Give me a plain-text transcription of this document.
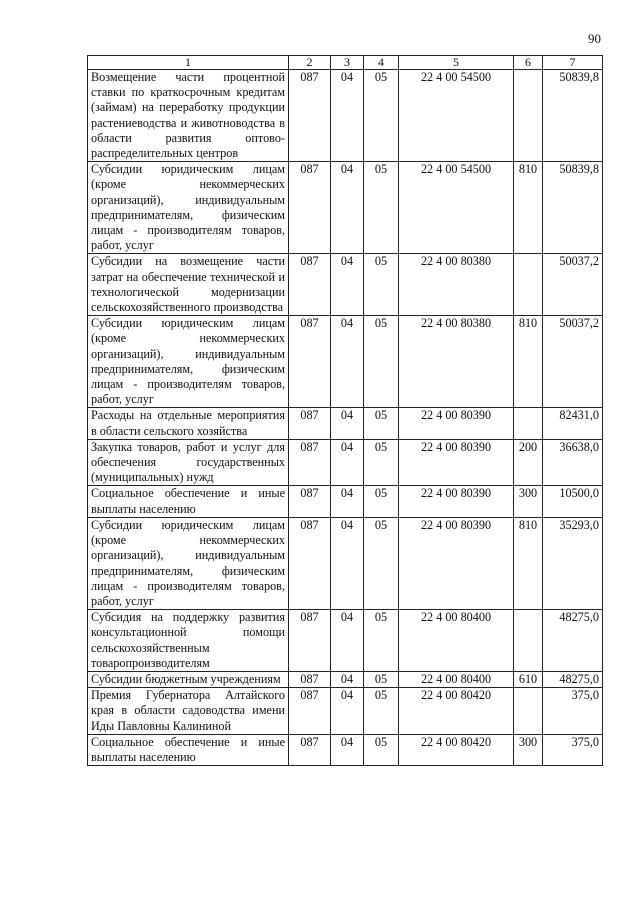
90
1	2	3	4	5	6	7
Возмещение части процентной ставки по краткосрочным кредитам (займам) на переработку продукции растениеводства и животноводства в области развития оптово-распределительных центров	087	04	05	22 4 00 54500		50839,8
Субсидии юридическим лицам (кроме некоммерческих организаций), индивидуальным предпринимателям, физическим лицам - производителям товаров, работ, услуг	087	04	05	22 4 00 54500	810	50839,8
Субсидии на возмещение части затрат на обеспечение технической и технологической модернизации сельскохозяйственного производства	087	04	05	22 4 00 80380		50037,2
Субсидии юридическим лицам (кроме некоммерческих организаций), индивидуальным предпринимателям, физическим лицам - производителям товаров, работ, услуг	087	04	05	22 4 00 80380	810	50037,2
Расходы на отдельные мероприятия в области сельского хозяйства	087	04	05	22 4 00 80390		82431,0
Закупка товаров, работ и услуг для обеспечения государственных (муниципальных) нужд	087	04	05	22 4 00 80390	200	36638,0
Социальное обеспечение и иные выплаты населению	087	04	05	22 4 00 80390	300	10500,0
Субсидии юридическим лицам (кроме некоммерческих организаций), индивидуальным предпринимателям, физическим лицам - производителям товаров, работ, услуг	087	04	05	22 4 00 80390	810	35293,0
Субсидия на поддержку развития консультационной помощи сельскохозяйственным товаропроизводителям	087	04	05	22 4 00 80400		48275,0
Субсидии бюджетным учреждениям	087	04	05	22 4 00 80400	610	48275,0
Премия Губернатора Алтайского края в области садоводства имени Иды Павловны Калининой	087	04	05	22 4 00 80420		375,0
Социальное обеспечение и иные выплаты населению	087	04	05	22 4 00 80420	300	375,0
